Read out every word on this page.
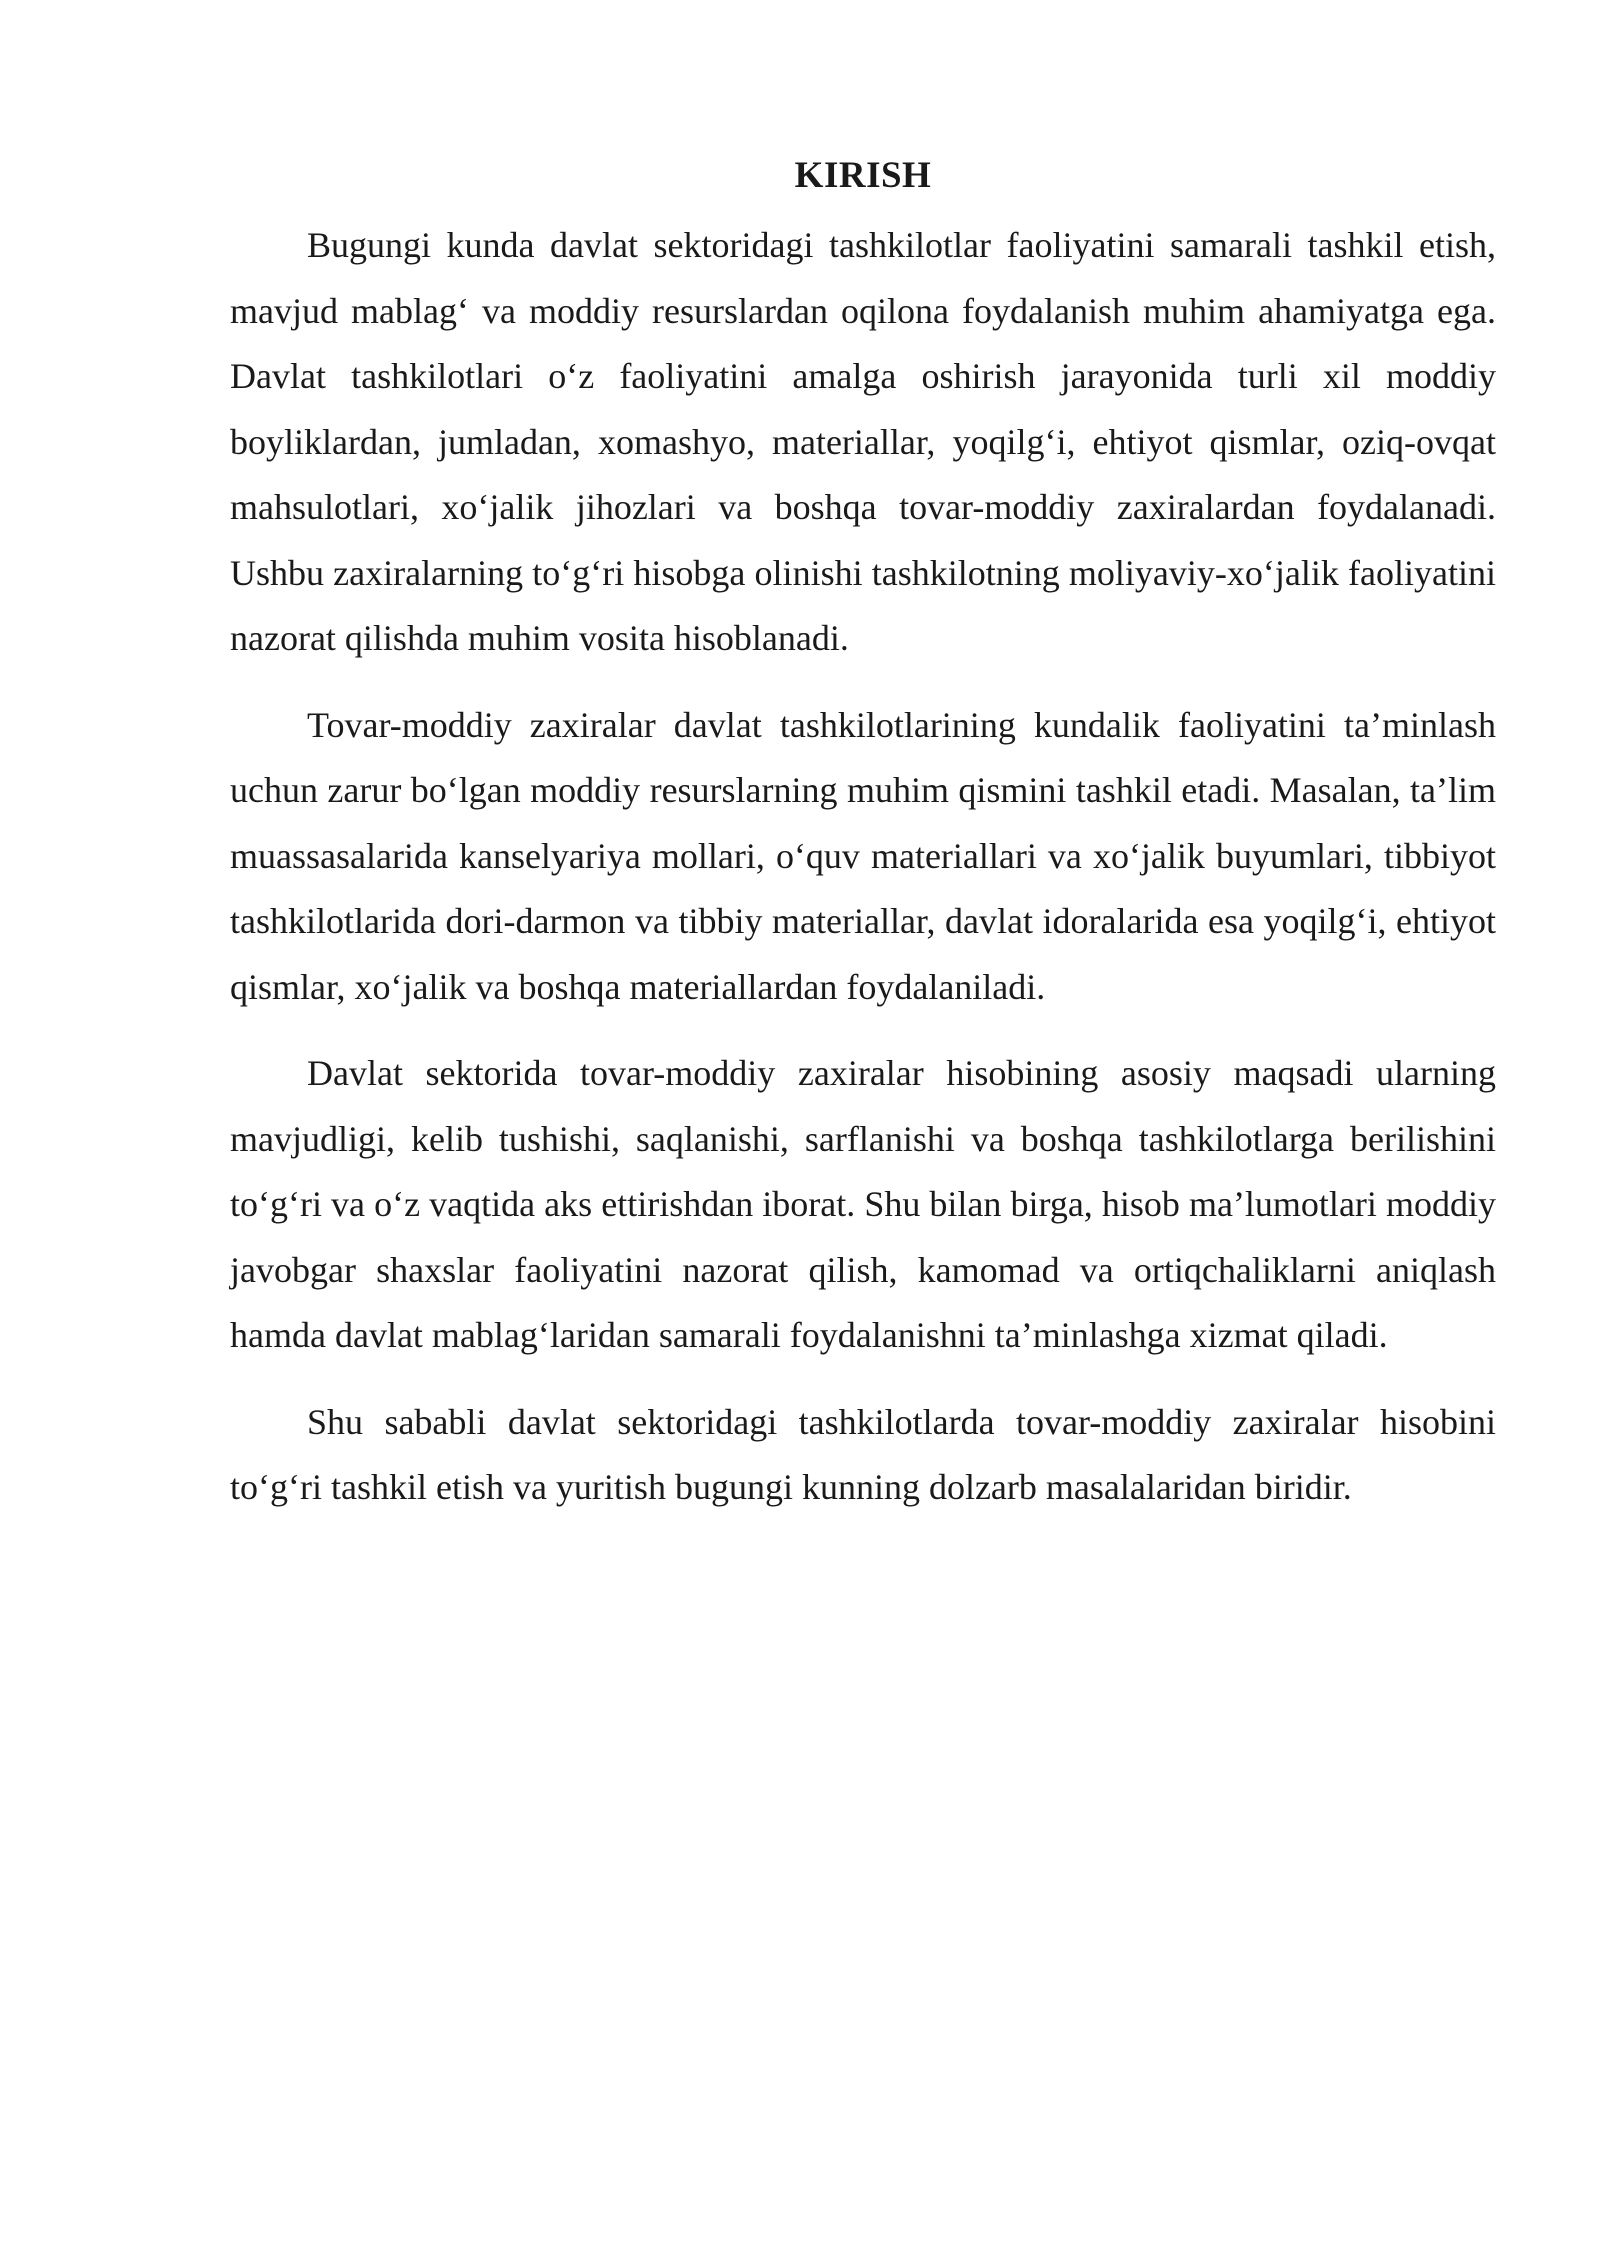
KIRISH

Bugungi kunda davlat sektoridagi tashkilotlar faoliyatini samarali tashkil etish, mavjud mablag‘ va moddiy resurslardan oqilona foydalanish muhim ahamiyatga ega. Davlat tashkilotlari o‘z faoliyatini amalga oshirish jarayonida turli xil moddiy boyliklardan, jumladan, xomashyo, materiallar, yoqilg‘i, ehtiyot qismlar, oziq-ovqat mahsulotlari, xo‘jalik jihozlari va boshqa tovar-moddiy zaxiralardan foydalanadi. Ushbu zaxiralarning to‘g‘ri hisobga olinishi tashkilotning moliyaviy-xo‘jalik faoliyatini nazorat qilishda muhim vosita hisoblanadi.

Tovar-moddiy zaxiralar davlat tashkilotlarining kundalik faoliyatini ta’minlash uchun zarur bo‘lgan moddiy resurslarning muhim qismini tashkil etadi. Masalan, ta’lim muassasalarida kanselyariya mollari, o‘quv materiallari va xo‘jalik buyumlari, tibbiyot tashkilotlarida dori-darmon va tibbiy materiallar, davlat idoralarida esa yoqilg‘i, ehtiyot qismlar, xo‘jalik va boshqa materiallardan foydalaniladi.

Davlat sektorida tovar-moddiy zaxiralar hisobining asosiy maqsadi ularning mavjudligi, kelib tushishi, saqlanishi, sarflanishi va boshqa tashkilotlarga berilishini to‘g‘ri va o‘z vaqtida aks ettirishdan iborat. Shu bilan birga, hisob ma’lumotlari moddiy javobgar shaxslar faoliyatini nazorat qilish, kamomad va ortiqchaliklarni aniqlash hamda davlat mablag‘laridan samarali foydalanishni ta’minlashga xizmat qiladi.

Shu sababli davlat sektoridagi tashkilotlarda tovar-moddiy zaxiralar hisobini to‘g‘ri tashkil etish va yuritish bugungi kunning dolzarb masalalaridan biridir.
